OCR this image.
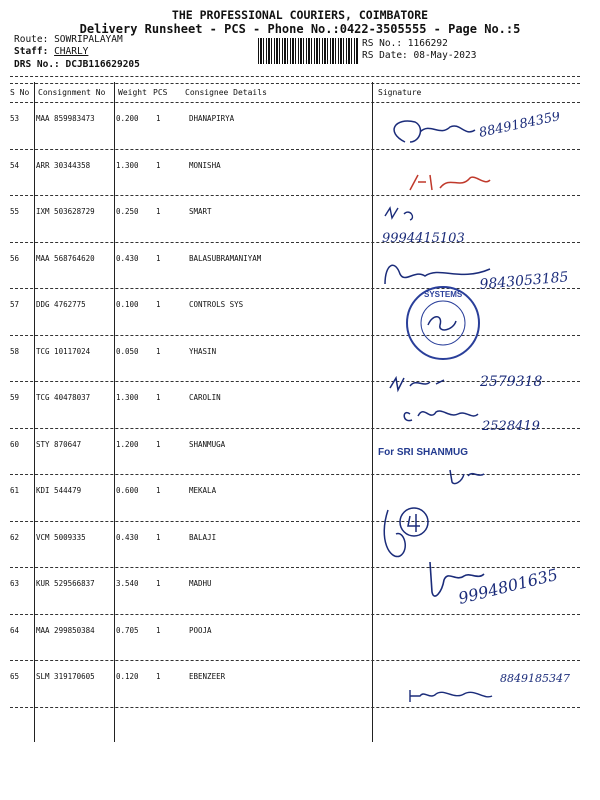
THE PROFESSIONAL COURIERS, COIMBATORE
Delivery Runsheet - PCS - Phone No.:0422-3505555 - Page No.:5
Route: SOWRIPALAYAM
Staff: CHARLY
DRS No.: DCJB116629205
RS No.: 1166292
RS Date: 08-May-2023
S No Consignment No Weight PCS Consignee Details	Signature
53 MAA 859983473	0.200 1	DHANAPIRYA
54 ARR 30344358	1.300 1	MONISHA
55 IXM 503628729	0.250 1	SMART
56 MAA 568764620	0.430 1	BALASUBRAMANIYAM
57 DDG 4762775	0.100 1	CONTROLS SYS
58 TCG 10117024	0.050 1	YHASIN
59 TCG 40478037	1.300 1	CAROLIN
60 STY 870647	1.200 1	SHANMUGA
61 KDI 544479	0.600 1	MEKALA
62 VCM 5009335	0.430 1	BALAJI
63 KUR 529566837	3.540 1	MADHU
64 MAA 299850384	0.705 1	POOJA
65 SLM 319170605	0.120 1	EBENZEER
8849184359
9994415103
9843053185
SYSTEMS
2579318
2528419
For SRI SHANMUG
9994801635
8849185347
